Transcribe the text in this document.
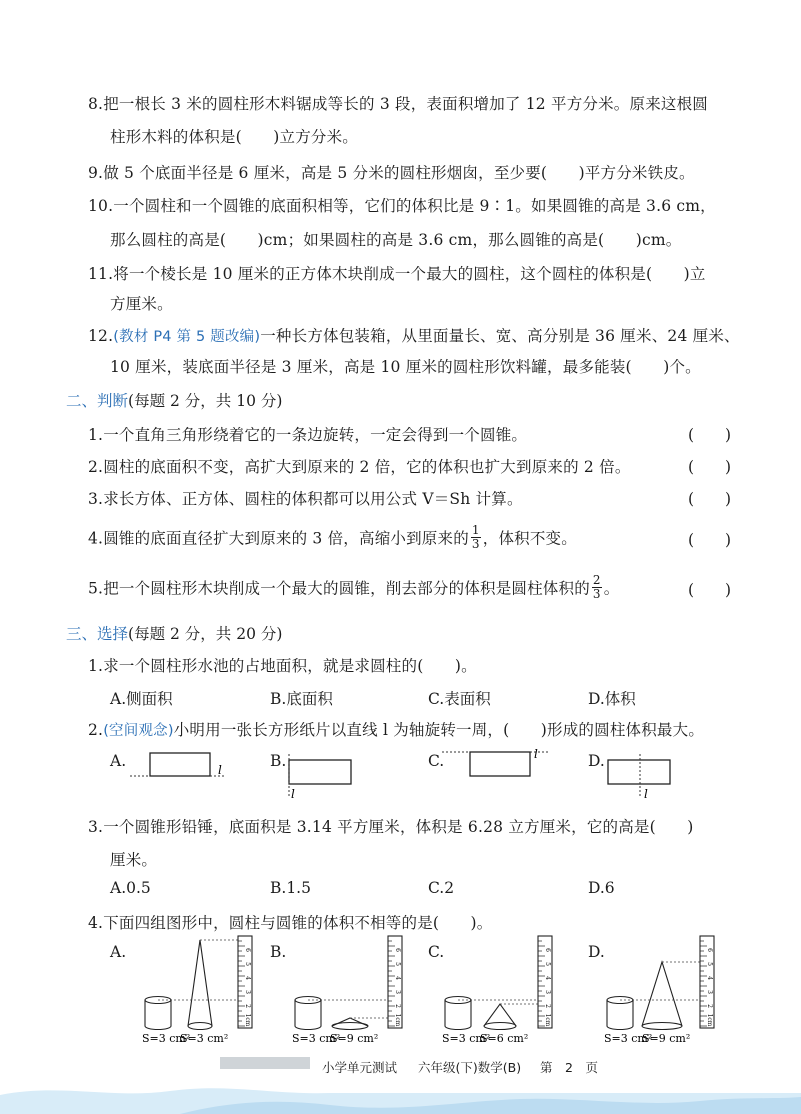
8.把一根长 3 米的圆柱形木料锯成等长的 3 段，表面积增加了 12 平方分米。原来这根圆
柱形木料的体积是(　　)立方分米。
9.做 5 个底面半径是 6 厘米，高是 5 分米的圆柱形烟囱，至少要(　　)平方分米铁皮。
10.一个圆柱和一个圆锥的底面积相等，它们的体积比是 9∶1。如果圆锥的高是 3.6 cm，
那么圆柱的高是(　　)cm；如果圆柱的高是 3.6 cm，那么圆锥的高是(　　)cm。
11.将一个棱长是 10 厘米的正方体木块削成一个最大的圆柱，这个圆柱的体积是(　　)立
方厘米。
12.(教材 P4 第 5 题改编)一种长方体包装箱，从里面量长、宽、高分别是 36 厘米、24 厘米、
10 厘米，装底面半径是 3 厘米，高是 10 厘米的圆柱形饮料罐，最多能装(　　)个。
二、判断(每题 2 分，共 10 分)
1.一个直角三角形绕着它的一条边旋转，一定会得到一个圆锥。	(　　)
2.圆柱的底面积不变，高扩大到原来的 2 倍，它的体积也扩大到原来的 2 倍。	(　　)
3.求长方体、正方体、圆柱的体积都可以用公式 V＝Sh 计算。	(　　)
4.圆锥的底面直径扩大到原来的 3 倍，高缩小到原来的 $\frac{1}{3}$ ，体积不变。	(　　)
5.把一个圆柱形木块削成一个最大的圆锥，削去部分的体积是圆柱体积的 $\frac{2}{3}$ 。	(　　)
三、选择(每题 2 分，共 20 分)
1.求一个圆柱形水池的占地面积，就是求圆柱的(　　)。
A.侧面积	B.底面积	C.表面积	D.体积
2.(空间观念)小明用一张长方形纸片以直线 l 为轴旋转一周，(　　)形成的圆柱体积最大。
A.	B.	C.	D.
l
l
l
l
3.一个圆锥形铅锤，底面积是 3.14 平方厘米，体积是 6.28 立方厘米，它的高是(　　)
厘米。
A.0.5	B.1.5	C.2	D.6
4.下面四组图形中，圆柱与圆锥的体积不相等的是(　　)。
A.	B.	C.	D.
1cm
2
3
4
5
6
S=3 cm²
S=3 cm²
1cm
2
3
4
5
6
S=3 cm²
S=9 cm²
1cm
2
3
4
5
6
S=3 cm²
S=6 cm²
1cm
2
3
4
5
6
S=3 cm²
S=9 cm²
小学单元测试 六年级(下)数学(B) 第　2　页
